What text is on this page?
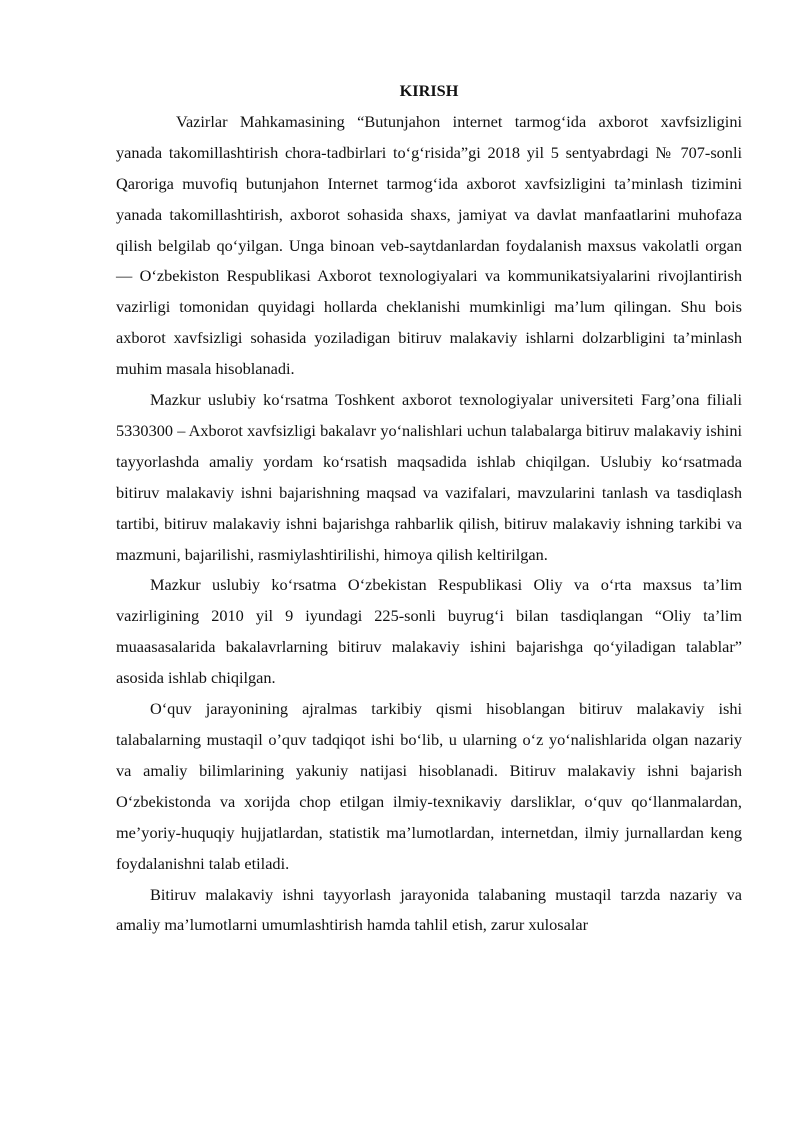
KIRISH

Vazirlar Mahkamasining “Butunjahon internet tarmog‘ida axborot xavfsizligini yanada takomillashtirish chora-tadbirlari to‘g‘risida”gi 2018 yil 5 sentyabrdagi № 707-sonli Qaroriga muvofiq butunjahon Internet tarmog‘ida axborot xavfsizligini ta’minlash tizimini yanada takomillashtirish, axborot sohasida shaxs, jamiyat va davlat manfaatlarini muhofaza qilish belgilab qo‘yilgan. Unga binoan veb-saytdanlardan foydalanish maxsus vakolatli organ — O‘zbekiston Respublikasi Axborot texnologiyalari va kommunikatsiyalarini rivojlantirish vazirligi tomonidan quyidagi hollarda cheklanishi mumkinligi ma’lum qilingan. Shu bois axborot xavfsizligi sohasida yoziladigan bitiruv malakaviy ishlarni dolzarbligini ta’minlash muhim masala hisoblanadi.

Mazkur uslubiy koʻrsatma Toshkent axborot texnologiyalar universiteti Farg’ona filiali 5330300 – Axborot xavfsizligi bakalavr yoʻnalishlari uchun talabalarga bitiruv malakaviy ishini tayyorlashda amaliy yordam koʻrsatish maqsadida ishlab chiqilgan. Uslubiy koʻrsatmada bitiruv malakaviy ishni bajarishning maqsad va vazifalari, mavzularini tanlash va tasdiqlash tartibi, bitiruv malakaviy ishni bajarishga rahbarlik qilish, bitiruv malakaviy ishning tarkibi va mazmuni, bajarilishi, rasmiylashtirilishi, himoya qilish keltirilgan.

Mazkur uslubiy ko‘rsatma O‘zbekistan Respublikasi Oliy va o‘rta maxsus ta’lim vazirligining 2010 yil 9 iyundagi 225-sonli buyrug‘i bilan tasdiqlangan “Oliy ta’lim muaasasalarida bakalavrlarning bitiruv malakaviy ishini bajarishga qo‘yiladigan talablar” asosida ishlab chiqilgan.

O‘quv jarayonining ajralmas tarkibiy qismi hisoblangan bitiruv malakaviy ishi talabalarning mustaqil o’quv tadqiqot ishi bo‘lib, u ularning o‘z yo‘nalishlarida olgan nazariy va amaliy bilimlarining yakuniy natijasi hisoblanadi. Bitiruv malakaviy ishni bajarish O‘zbekistonda va xorijda chop etilgan ilmiy-texnikaviy darsliklar, o‘quv qo‘llanmalardan, me’yoriy-huquqiy hujjatlardan, statistik ma’lumotlardan, internetdan, ilmiy jurnallardan keng foydalanishni talab etiladi.

Bitiruv malakaviy ishni tayyorlash jarayonida talabaning mustaqil tarzda nazariy va amaliy ma’lumotlarni umumlashtirish hamda tahlil etish, zarur xulosalar
